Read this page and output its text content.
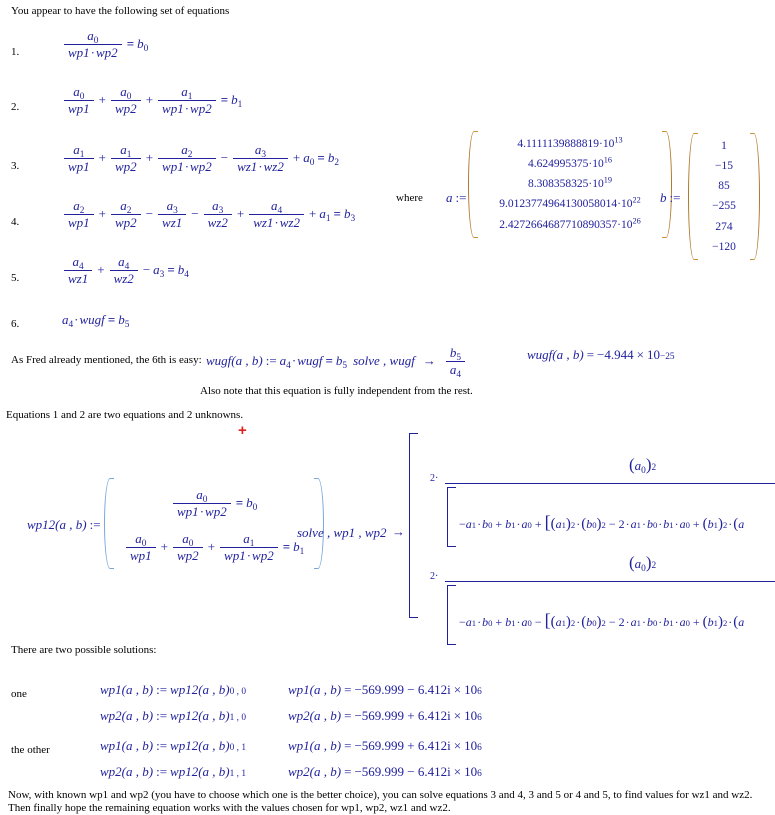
You appear to have the following set of equations
1.	$\frac{a_0}{wp1\cdot wp2} = b_0$
2.	$\frac{a_0}{wp1} + \frac{a_0}{wp2} + \frac{a_1}{wp1\cdot wp2} = b_1$
3.	$\frac{a_1}{wp1} + \frac{a_1}{wp2} + \frac{a_2}{wp1\cdot wp2} - \frac{a_3}{wz1\cdot wz2} + a_0 = b_2$
4.	$\frac{a_2}{wp1} + \frac{a_2}{wp2} - \frac{a_3}{wz1} - \frac{a_3}{wz2} + \frac{a_4}{wz1\cdot wz2} + a_1 = b_3$
5.	$\frac{a_4}{wz1} + \frac{a_4}{wz2} - a_3 = b_4$
6.	$a_4$ · wugf = $b_5$
where a :=
$4.1111139888819\cdot 10^{13}$
$4.624995375\cdot 10^{16}$
$8.308358325\cdot 10^{19}$
$9.0123774964130058014\cdot 10^{22}$
$2.4272664687710890357\cdot 10^{26}$
b :=
1
−15
85
−255
274
−120
As Fred already mentioned, the 6th is easy: wugf (a , b) := $a_4$ · wugf = $b_5$ solve , wugf → $\frac{b_5}{a_4}$	wugf(a , b) = −4.944 × 10 −25
Also note that this equation is fully independent from the rest.
Equations 1 and 2 are two equations and 2 unknowns.
+
wp12 (a , b) :=
$\frac{a_0}{wp1\cdot wp2} = b_0$
$\frac{a_0}{wp1} + \frac{a_0}{wp2} + \frac{a_1}{wp1\cdot wp2} = b_1$
solve , wp1 , wp2 →
2·
( $a_0$ ) 2
− a 1 · b 0 + b 1 · a 0 + [ ( a 1 ) 2 · ( b 0 ) 2 − 2 · a 1 · b 0 · b 1 · a 0 + ( b 1 ) 2 · ( a
2·
( $a_0$ ) 2
− a 1 · b 0 + b 1 · a 0 − [ ( a 1 ) 2 · ( b 0 ) 2 − 2 · a 1 · b 0 · b 1 · a 0 + ( b 1 ) 2 · ( a
There are two possible solutions:
one	wp1(a , b) := wp12(a , b) 0 , 0	wp1(a , b) = −569.999 − 6.412i × 10 6
wp2(a , b) := wp12(a , b) 1 , 0	wp2(a , b) = −569.999 + 6.412i × 10 6
the other	wp1(a , b) := wp12(a , b) 0 , 1	wp1(a , b) = −569.999 + 6.412i × 10 6
wp2(a , b) := wp12(a , b) 1 , 1	wp2(a , b) = −569.999 − 6.412i × 10 6
Now, with known wp1 and wp2 (you have to choose which one is the better choice), you can solve equations 3 and 4, 3 and 5 or 4 and 5, to find values for wz1 and wz2.
Then finally hope the remaining equation works with the values chosen for wp1, wp2, wz1 and wz2.
